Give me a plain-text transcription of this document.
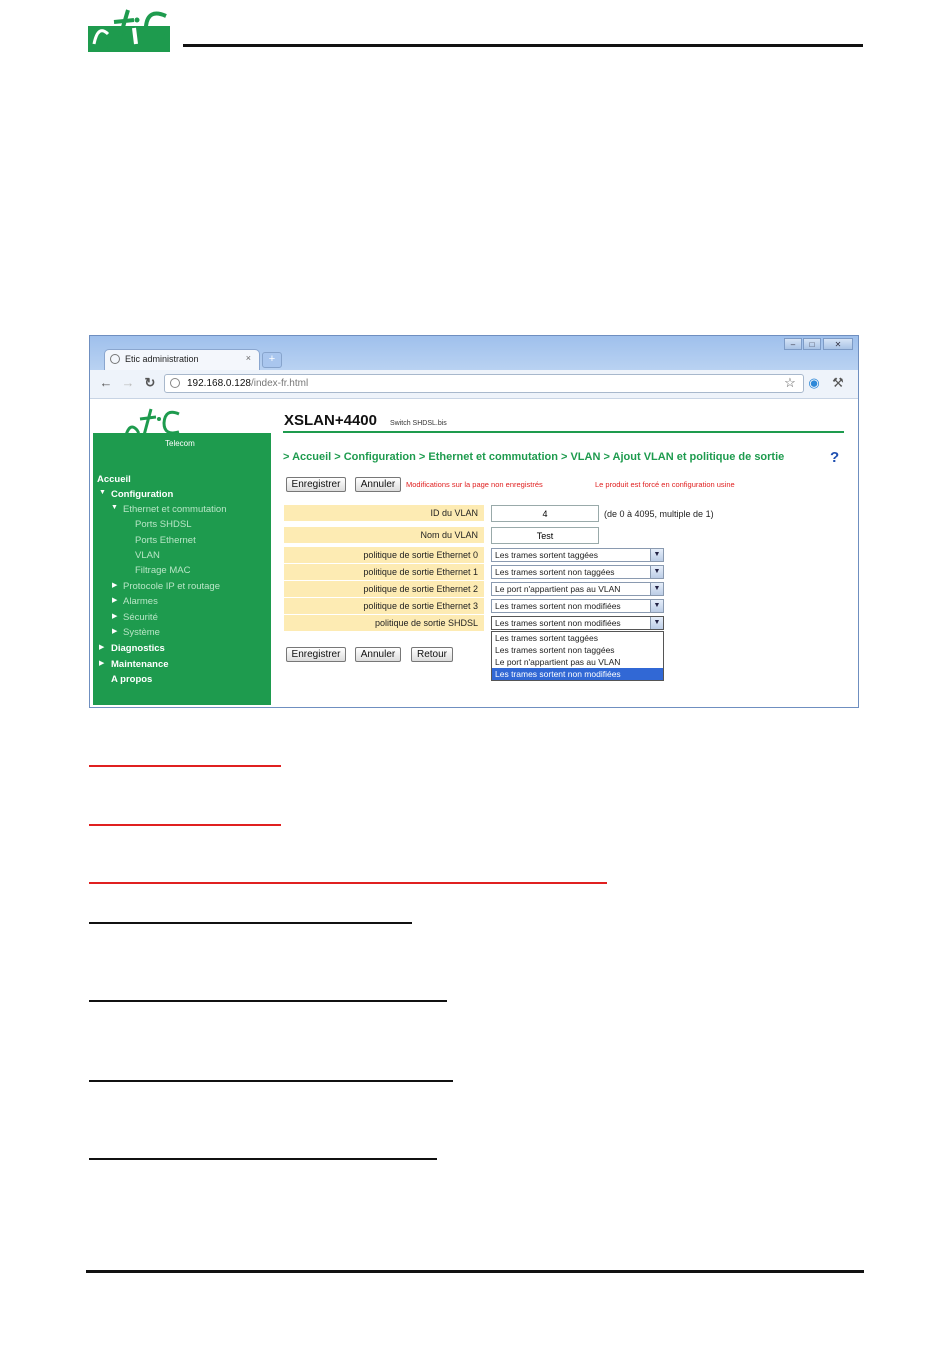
Etic administration	×	+
–	□	✕
← → ↻	192.168.0.128/index-fr.html	☆ ◉ ⚒
Telecom
Accueil
▼ Configuration
▼ Ethernet et commutation
Ports SHDSL
Ports Ethernet
VLAN
Filtrage MAC
▶ Protocole IP et routage
▶ Alarmes
▶ Sécurité
▶ Système
▶ Diagnostics
▶ Maintenance
A propos
XSLAN+4400 Switch SHDSL.bis
> Accueil > Configuration > Ethernet et commutation > VLAN > Ajout VLAN et politique de sortie	?
Enregistrer	Annuler	Modifications sur la page non enregistrés	Le produit est forcé en configuration usine
ID du VLAN	4	(de 0 à 4095, multiple de 1)
Nom du VLAN	Test
politique de sortie Ethernet 0	Les trames sortent taggées	▼
politique de sortie Ethernet 1	Les trames sortent non taggées	▼
politique de sortie Ethernet 2	Le port n'appartient pas au VLAN	▼
politique de sortie Ethernet 3	Les trames sortent non modifiées	▼
politique de sortie SHDSL	Les trames sortent non modifiées	▼
Les trames sortent taggées
Les trames sortent non taggées
Le port n'appartient pas au VLAN
Les trames sortent non modifiées
Enregistrer	Annuler	Retour
